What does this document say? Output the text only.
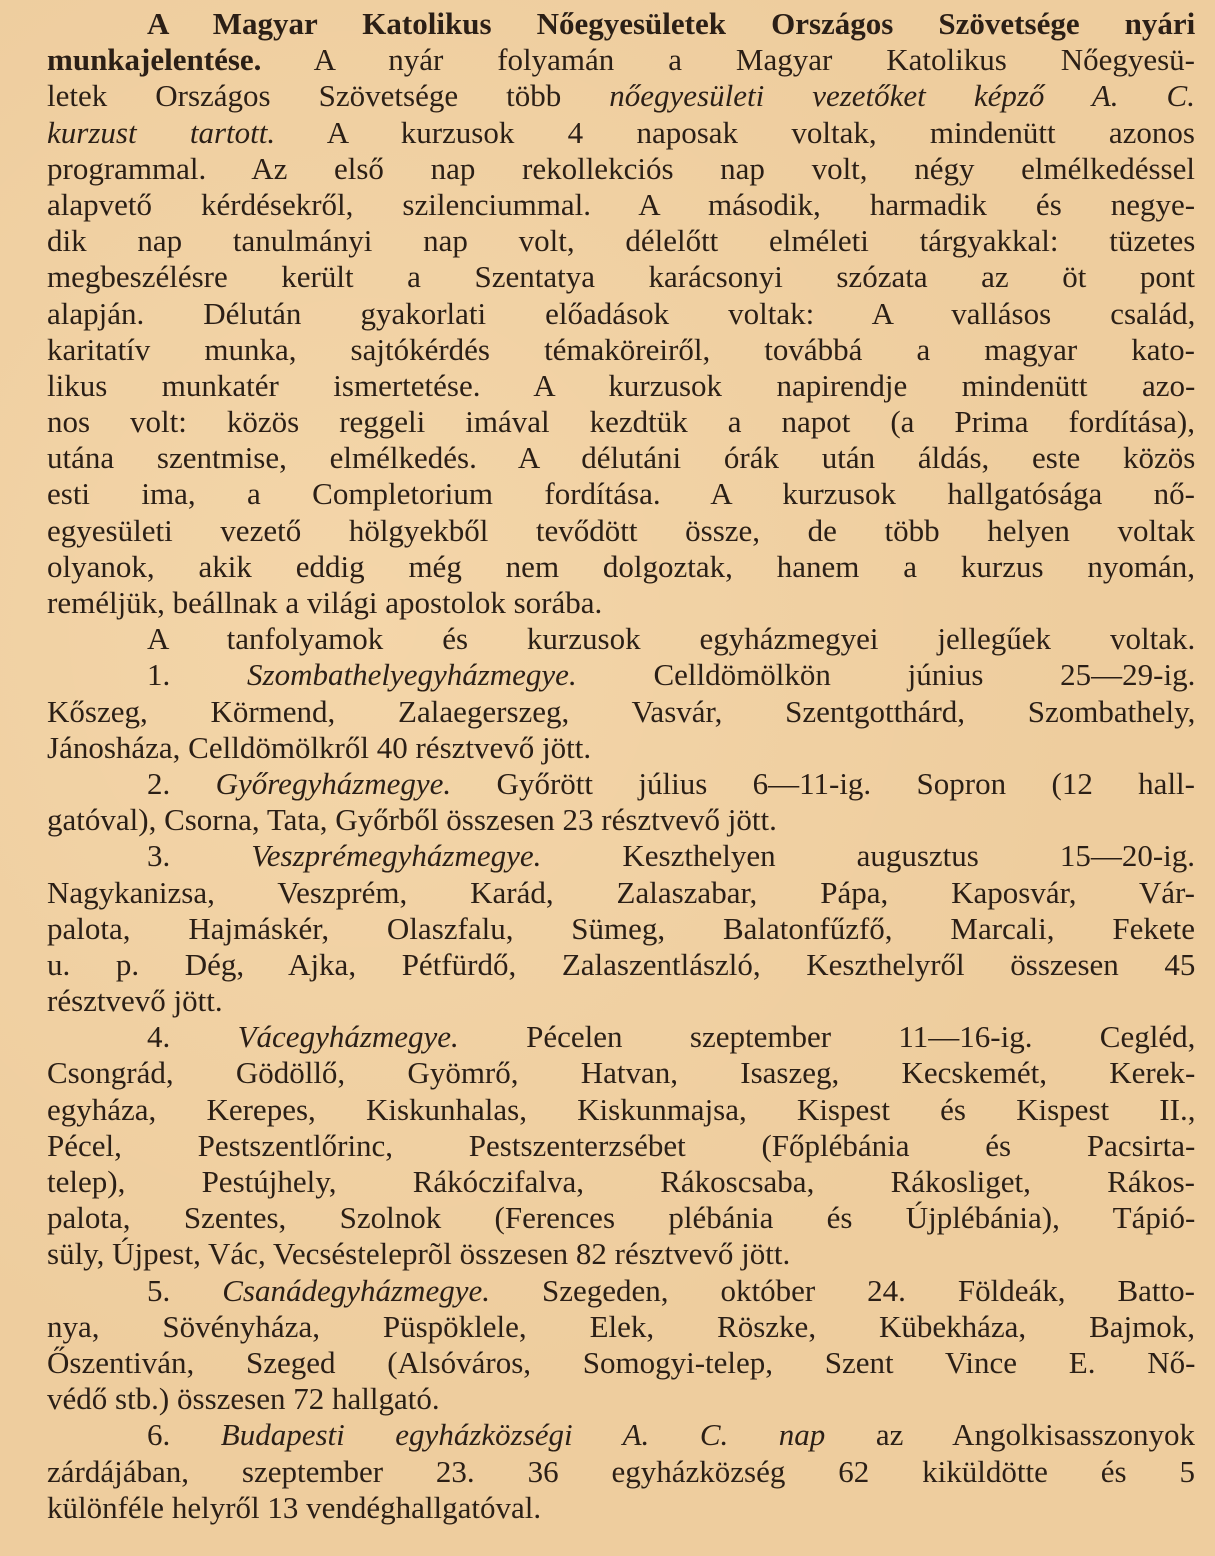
A Magyar Katolikus Nőegyesületek Országos Szövetsége nyári
munkajelentése. A nyár folyamán a Magyar Katolikus Nőegyesü-
letek Országos Szövetsége több nőegyesületi vezetőket képző A. C.
kurzust tartott. A kurzusok 4 naposak voltak, mindenütt azonos
programmal. Az első nap rekollekciós nap volt, négy elmélkedéssel
alapvető kérdésekről, szilenciummal. A második, harmadik és negye-
dik nap tanulmányi nap volt, délelőtt elméleti tárgyakkal: tüzetes
megbeszélésre került a Szentatya karácsonyi szózata az öt pont
alapján. Délután gyakorlati előadások voltak: A vallásos család,
karitatív munka, sajtókérdés témaköreiről, továbbá a magyar kato-
likus munkatér ismertetése. A kurzusok napirendje mindenütt azo-
nos volt: közös reggeli imával kezdtük a napot (a Prima fordítása),
utána szentmise, elmélkedés. A délutáni órák után áldás, este közös
esti ima, a Completorium fordítása. A kurzusok hallgatósága nő-
egyesületi vezető hölgyekből tevődött össze, de több helyen voltak
olyanok, akik eddig még nem dolgoztak, hanem a kurzus nyomán,
reméljük, beállnak a világi apostolok sorába.
A tanfolyamok és kurzusok egyházmegyei jellegűek voltak.
1. Szombathelyegyházmegye. Celldömölkön június 25—29-ig.
Kőszeg, Körmend, Zalaegerszeg, Vasvár, Szentgotthárd, Szombathely,
Jánosháza, Celldömölkről 40 résztvevő jött.
2. Győregyházmegye. Győrött július 6—11-ig. Sopron (12 hall-
gatóval), Csorna, Tata, Győrből összesen 23 résztvevő jött.
3. Veszprémegyházmegye. Keszthelyen augusztus 15—20-ig.
Nagykanizsa, Veszprém, Karád, Zalaszabar, Pápa, Kaposvár, Vár-
palota, Hajmáskér, Olaszfalu, Sümeg, Balatonfűzfő, Marcali, Fekete
u. p. Dég, Ajka, Pétfürdő, Zalaszentlászló, Keszthelyről összesen 45
résztvevő jött.
4. Vácegyházmegye. Pécelen szeptember 11—16-ig. Cegléd,
Csongrád, Gödöllő, Gyömrő, Hatvan, Isaszeg, Kecskemét, Kerek-
egyháza, Kerepes, Kiskunhalas, Kiskunmajsa, Kispest és Kispest II.,
Pécel, Pestszentlőrinc, Pestszenterzsébet (Főplébánia és Pacsirta-
telep), Pestújhely, Rákóczifalva, Rákoscsaba, Rákosliget, Rákos-
palota, Szentes, Szolnok (Ferences plébánia és Újplébánia), Tápió-
süly, Újpest, Vác, Vecsésteleprõl összesen 82 résztvevő jött.
5. Csanádegyházmegye. Szegeden, október 24. Földeák, Batto-
nya, Sövényháza, Püspöklele, Elek, Röszke, Kübekháza, Bajmok,
Őszentiván, Szeged (Alsóváros, Somogyi-telep, Szent Vince E. Nő-
védő stb.) összesen 72 hallgató.
6. Budapesti egyházközségi A. C. nap az Angolkisasszonyok
zárdájában, szeptember 23. 36 egyházközség 62 kiküldötte és 5
különféle helyről 13 vendéghallgatóval.
